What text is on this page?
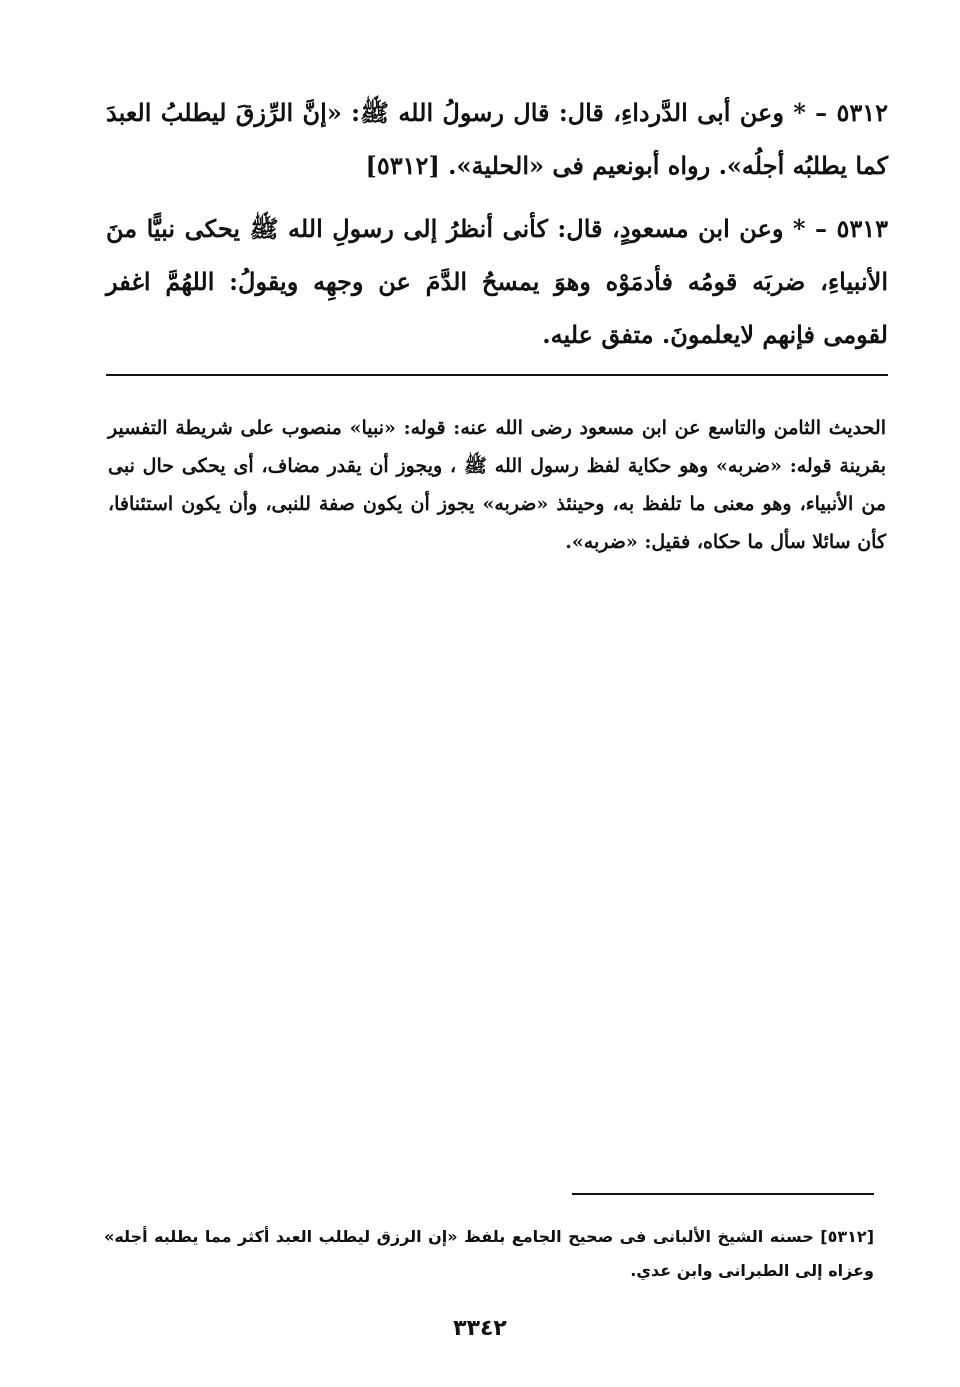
٥٣١٢ – * وعن أبى الدَّرداءِ، قال: قال رسولُ الله ﷺ: «إنَّ الرِّزقَ ليطلبُ العبدَ كما يطلبُه أجلُه». رواه أبونعيم فى «الحلية». [٥٣١٢]

٥٣١٣ – * وعن ابن مسعودٍ، قال: كأنى أنظرُ إلى رسولِ الله ﷺ يحكى نبيًّا منَ الأنبياءِ، ضربَه قومُه فأدمَوْه وهوَ يمسحُ الدَّمَ عن وجهِه ويقولُ: اللهُمَّ اغفر لقومى فإنهم لايعلمونَ. متفق عليه.

الحديث الثامن والتاسع عن ابن مسعود رضى الله عنه: قوله: «نبيا» منصوب على شريطة التفسير بقرينة قوله: «ضربه» وهو حكاية لفظ رسول الله ﷺ ، ويجوز أن يقدر مضاف، أى يحكى حال نبى من الأنبياء، وهو معنى ما تلفظ به، وحينئذ «ضربه» يجوز أن يكون صفة للنبى، وأن يكون استئنافا، كأن سائلا سأل ما حكاه، فقيل: «ضربه».

[٥٣١٢] حسنه الشيخ الألبانى فى صحيح الجامع بلفظ «إن الرزق ليطلب العبد أكثر مما يطلبه أجله» وعزاه إلى الطبرانى وابن عدي.

٣٣٤٢
